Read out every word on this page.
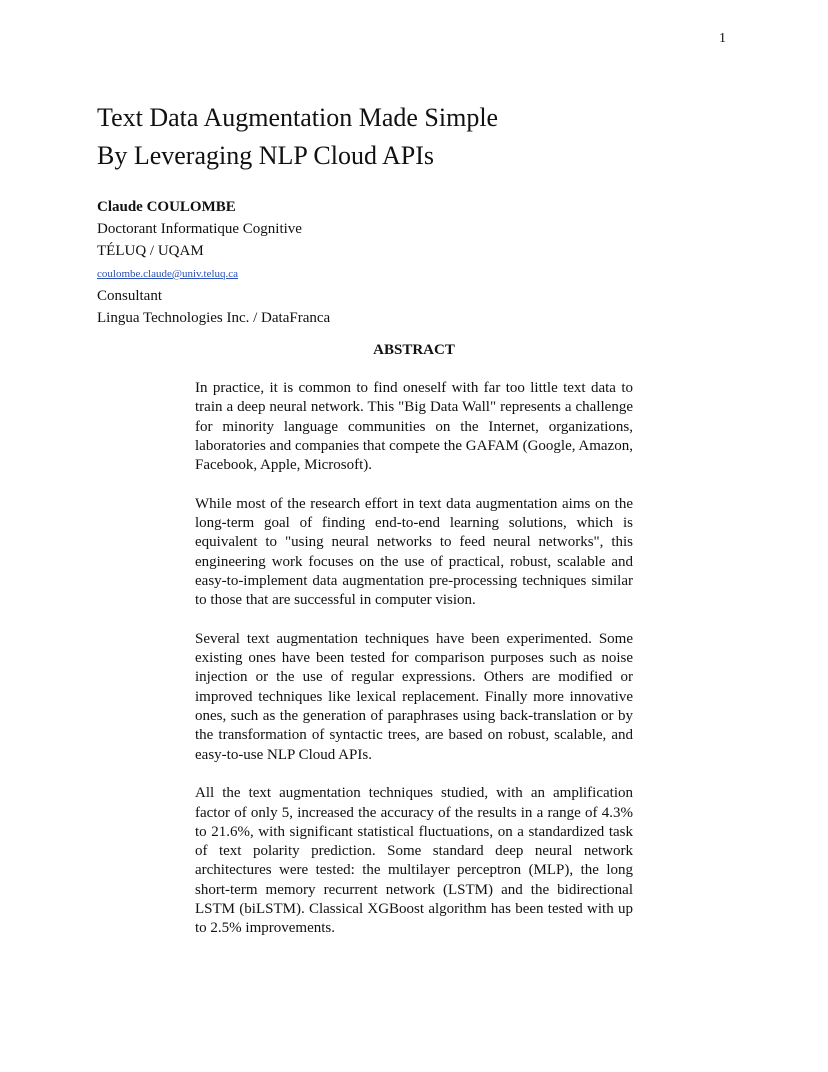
1
Text Data Augmentation Made Simple
By Leveraging NLP Cloud APIs
Claude COULOMBE
Doctorant Informatique Cognitive
TÉLUQ / UQAM
coulombe.claude@univ.teluq.ca
Consultant
Lingua Technologies Inc. / DataFranca
ABSTRACT

In practice, it is common to find oneself with far too little text data to train a deep neural network. This "Big Data Wall" represents a challenge for minority language communities on the Internet, organizations, laboratories and companies that compete the GAFAM (Google, Amazon, Facebook, Apple, Microsoft).

While most of the research effort in text data augmentation aims on the long-term goal of finding end-to-end learning solutions, which is equivalent to "using neural networks to feed neural networks", this engineering work focuses on the use of practical, robust, scalable and easy-to-implement data augmentation pre-processing techniques similar to those that are successful in computer vision.

Several text augmentation techniques have been experimented. Some existing ones have been tested for comparison purposes such as noise injection or the use of regular expressions. Others are modified or improved techniques like lexical replacement. Finally more innovative ones, such as the generation of paraphrases using back-translation or by the transformation of syntactic trees, are based on robust, scalable, and easy-to-use NLP Cloud APIs.

All the text augmentation techniques studied, with an amplification factor of only 5, increased the accuracy of the results in a range of 4.3% to 21.6%, with significant statistical fluctuations, on a standardized task of text polarity prediction. Some standard deep neural network architectures were tested: the multilayer perceptron (MLP), the long short-term memory recurrent network (LSTM) and the bidirectional LSTM (biLSTM). Classical XGBoost algorithm has been tested with up to 2.5% improvements.
